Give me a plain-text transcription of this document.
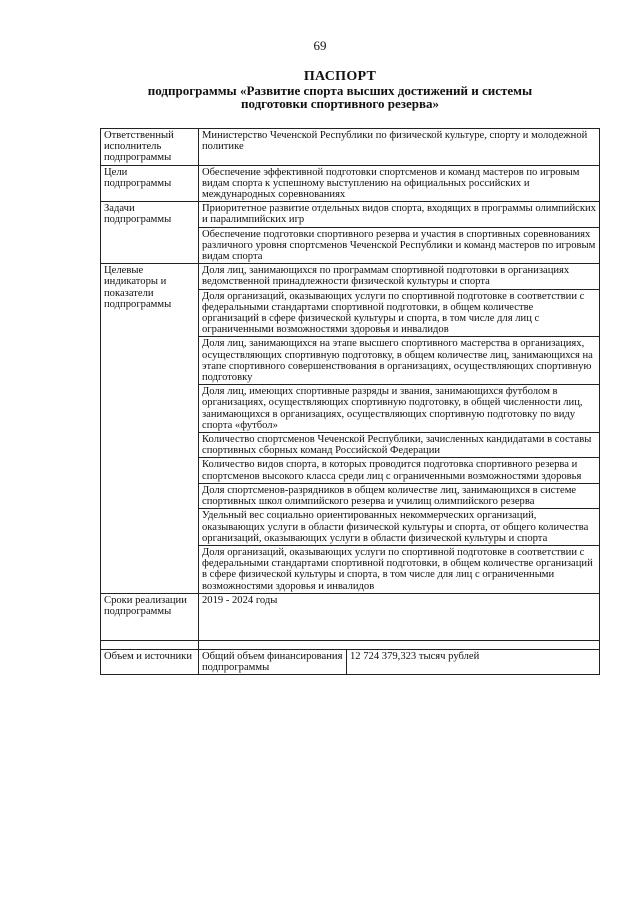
69
ПАСПОРТ
подпрограммы «Развитие спорта высших достижений и системы
подготовки спортивного резерва»
Ответственный исполнитель подпрограммы	Министерство Чеченской Республики по физической культуре, спорту и молодежной политике	
Цели подпрограммы	Обеспечение эффективной подготовки спортсменов и команд мастеров по игровым видам спорта к успешному выступлению на официальных российских и международных соревнованиях	
Задачи подпрограммы	Приоритетное развитие отдельных видов спорта, входящих в программы олимпийских и паралимпийских игр	
	Обеспечение подготовки спортивного резерва и участия в спортивных соревнованиях различного уровня спортсменов Чеченской Республики и команд мастеров по игровым видам спорта	
Целевые индикаторы и показатели подпрограммы	Доля лиц, занимающихся по программам спортивной подготовки в организациях ведомственной принадлежности физической культуры и спорта	
	Доля организаций, оказывающих услуги по спортивной подготовке в соответствии с федеральными стандартами спортивной подготовки, в общем количестве         организаций в сфере физической культуры и спорта, в том числе для лиц с ограниченными возможностями здоровья и инвалидов	
	Доля лиц, занимающихся на этапе высшего спортивного мастерства в организациях, осуществляющих спортивную подготовку, в общем количестве лиц, занимающихся на этапе спортивного совершенствования в организациях, осуществляющих спортивную подготовку	
	Доля лиц, имеющих спортивные разряды и звания, занимающихся футболом в организациях, осуществляющих спортивную подготовку, в общей численности лиц, занимающихся в организациях, осуществляющих спортивную подготовку по виду спорта «футбол»	
	Количество спортсменов Чеченской Республики, зачисленных кандидатами в составы спортивных сборных команд Российской Федерации	
	Количество видов спорта, в которых проводится подготовка спортивного резерва и спортсменов высокого класса среди лиц с ограниченными возможностями здоровья	
	Доля спортсменов-разрядников в общем количестве лиц, занимающихся в системе спортивных школ олимпийского резерва и училищ олимпийского резерва	
	Удельный вес социально ориентированных некоммерческих организаций, оказывающих услуги в области физической культуры и спорта, от общего количества организаций, оказывающих услуги в области физической культуры и спорта	
	Доля организаций, оказывающих услуги по спортивной подготовке в соответствии с федеральными стандартами спортивной подготовки, в общем количестве организаций в сфере физической культуры и спорта, в том числе для лиц с ограниченными возможностями здоровья и инвалидов	
Сроки реализации подпрограммы	2019 - 2024 годы	

Объем и источники	Общий объем финансирования подпрограммы	12 724 379,323 тысяч рублей
